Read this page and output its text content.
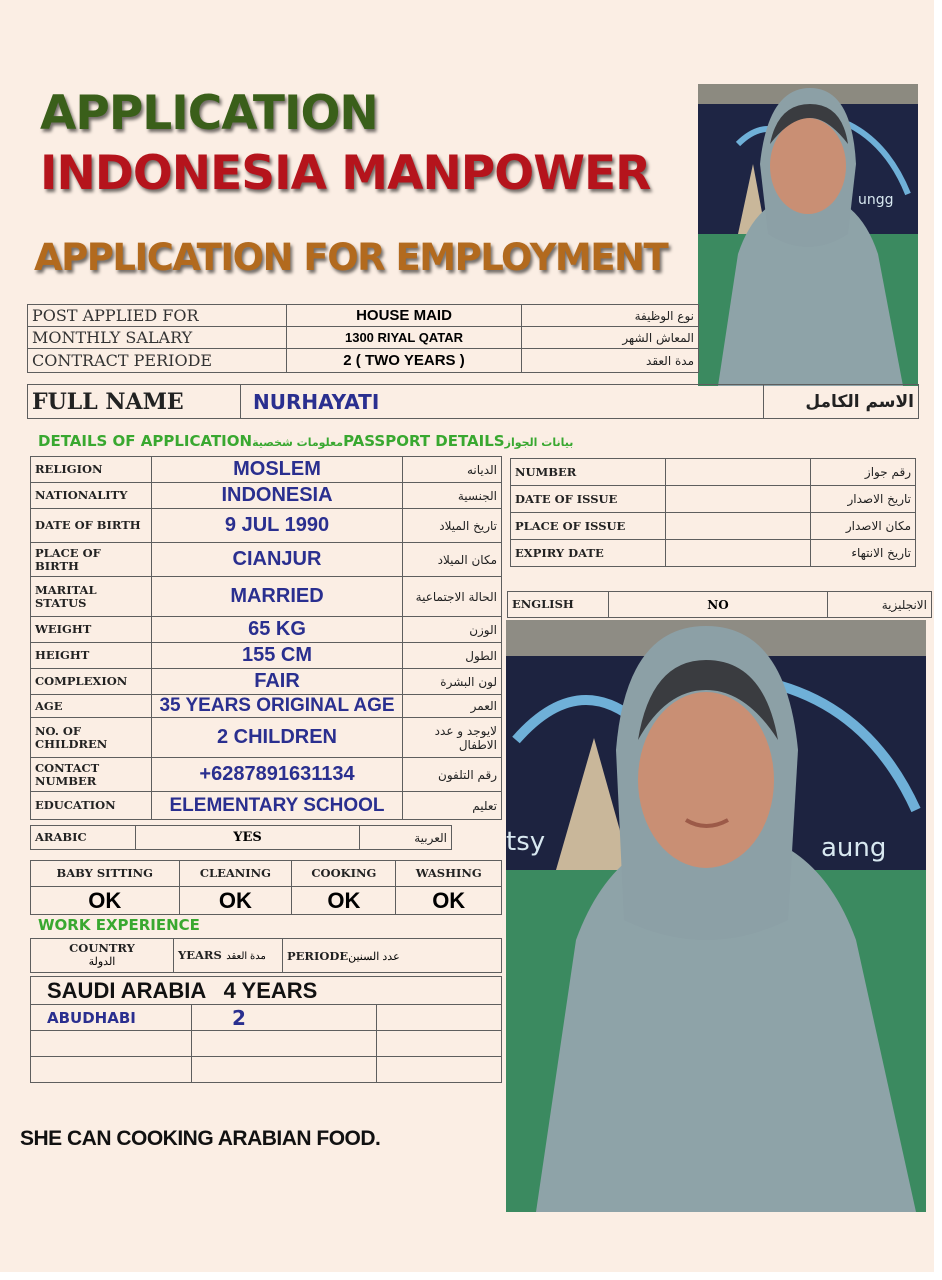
APPLICATION
INDONESIA MANPOWER
APPLICATION FOR EMPLOYMENT
ungg
POST APPLIED FOR	HOUSE MAID	نوع الوظيفة
MONTHLY SALARY	1300 RIYAL QATAR	المعاش الشهر
CONTRACT PERIODE	2 ( TWO YEARS )	مدة العقد
FULL NAME	NURHAYATI	الاسم الكامل
DETAILS OF APPLICATIONمعلومات شخصيةPASSPORT DETAILSبيانات الجواز
RELIGION	MOSLEM	الديانه
NATIONALITY	INDONESIA	الجنسية
DATE OF BIRTH	9 JUL 1990	تاريخ الميلاد
PLACE OF BIRTH	CIANJUR	مكان الميلاد
MARITAL STATUS	MARRIED	الحالة الاجتماعية
WEIGHT	65 KG	الوزن
HEIGHT	155 CM	الطول
COMPLEXION	FAIR	لون البشرة
AGE	35 YEARS ORIGINAL AGE	العمر
NO. OF CHILDREN	2 CHILDREN	لايوجد و عدد الاطفال
CONTACT NUMBER	+6287891631134	رقم التلفون
EDUCATION	ELEMENTARY SCHOOL	تعليم
ARABIC	YES	العربية
BABY SITTING	CLEANING	COOKING	WASHING
OK	OK	OK	OK
WORK EXPERIENCE
COUNTRY
الدولة
	YEARS مدة العقد	PERIODEعدد السنين
SAUDI ARABIA 4 YEARS		
ABUDHABI	2	

NUMBER		رقم جواز
DATE OF ISSUE		تاريخ الاصدار
PLACE OF ISSUE		مكان الاصدار
EXPIRY DATE		تاريخ الانتهاء
ENGLISH	NO	الانجليزية
tsy	aung
SHE CAN COOKING ARABIAN FOOD.
